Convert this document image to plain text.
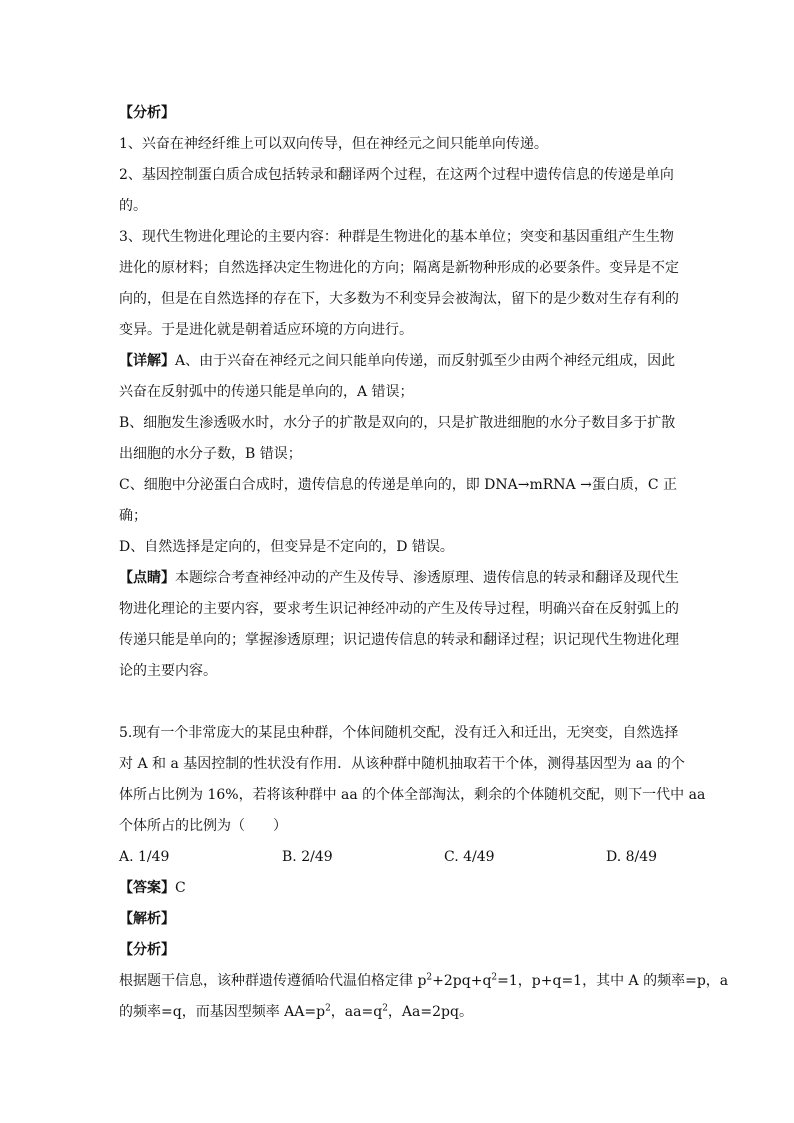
【分析】

1、兴奋在神经纤维上可以双向传导，但在神经元之间只能单向传递。

2、基因控制蛋白质合成包括转录和翻译两个过程，在这两个过程中遗传信息的传递是单向

的。

3、现代生物进化理论的主要内容：种群是生物进化的基本单位；突变和基因重组产生生物

进化的原材料；自然选择决定生物进化的方向；隔离是新物种形成的必要条件。变异是不定

向的，但是在自然选择的存在下，大多数为不利变异会被淘汰，留下的是少数对生存有利的

变异。于是进化就是朝着适应环境的方向进行。

【详解】A、由于兴奋在神经元之间只能单向传递，而反射弧至少由两个神经元组成，因此

兴奋在反射弧中的传递只能是单向的，A 错误；

B、细胞发生渗透吸水时，水分子的扩散是双向的，只是扩散进细胞的水分子数目多于扩散

出细胞的水分子数，B 错误；

C、细胞中分泌蛋白合成时，遗传信息的传递是单向的，即 DNA→mRNA →蛋白质，C 正

确；

D、自然选择是定向的，但变异是不定向的，D 错误。

【点睛】本题综合考查神经冲动的产生及传导、渗透原理、遗传信息的转录和翻译及现代生

物进化理论的主要内容，要求考生识记神经冲动的产生及传导过程，明确兴奋在反射弧上的

传递只能是单向的；掌握渗透原理；识记遗传信息的转录和翻译过程；识记现代生物进化理

论的主要内容。

5.现有一个非常庞大的某昆虫种群，个体间随机交配，没有迁入和迁出，无突变，自然选择

对 A 和 a 基因控制的性状没有作用．从该种群中随机抽取若干个体，测得基因型为 aa 的个

体所占比例为 16%，若将该种群中 aa 的个体全部淘汰，剩余的个体随机交配，则下一代中 aa

个体所占的比例为（　　）

A. 1/49	B. 2/49	C. 4/49	D. 8/49

【答案】C

【解析】

【分析】

根据题干信息，该种群遗传遵循哈代温伯格定律 $p^2+2pq+q^2=1$，p+q=1，其中 A 的频率=p，a

的频率=q，而基因型频率 $AA=p^2$，$aa=q^2$，Aa=2pq。
